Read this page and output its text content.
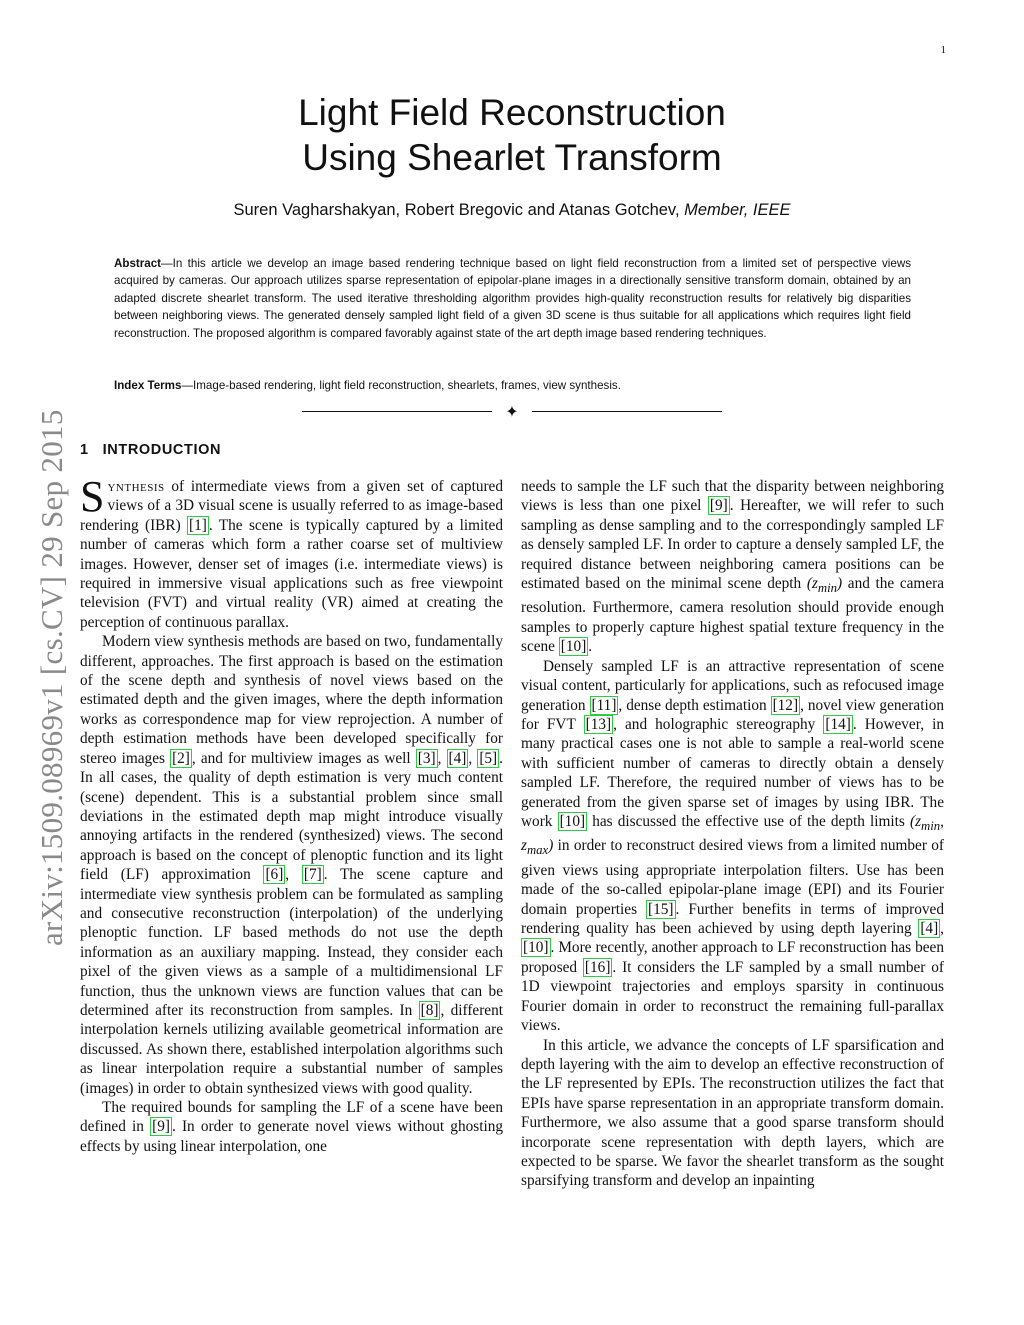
1
arXiv:1509.08969v1 [cs.CV] 29 Sep 2015
Light Field Reconstruction
Using Shearlet Transform
Suren Vagharshakyan, Robert Bregovic and Atanas Gotchev, Member, IEEE
Abstract—In this article we develop an image based rendering technique based on light field reconstruction from a limited set of perspective views acquired by cameras. Our approach utilizes sparse representation of epipolar-plane images in a directionally sensitive transform domain, obtained by an adapted discrete shearlet transform. The used iterative thresholding algorithm provides high-quality reconstruction results for relatively big disparities between neighboring views. The generated densely sampled light field of a given 3D scene is thus suitable for all applications which requires light field reconstruction. The proposed algorithm is compared favorably against state of the art depth image based rendering techniques.
Index Terms—Image-based rendering, light field reconstruction, shearlets, frames, view synthesis.
✦
1 INTRODUCTION

Synthesis of intermediate views from a given set of captured views of a 3D visual scene is usually referred to as image-based rendering (IBR) [1] . The scene is typically captured by a limited number of cameras which form a rather coarse set of multiview images. However, denser set of images (i.e. intermediate views) is required in immersive visual applications such as free viewpoint television (FVT) and virtual reality (VR) aimed at creating the perception of continuous parallax.

Modern view synthesis methods are based on two, fundamentally different, approaches. The first approach is based on the estimation of the scene depth and synthesis of novel views based on the estimated depth and the given images, where the depth information works as correspondence map for view reprojection. A number of depth estimation methods have been developed specifically for stereo images [2] , and for multiview images as well [3] , [4] , [5] . In all cases, the quality of depth estimation is very much content (scene) dependent. This is a substantial problem since small deviations in the estimated depth map might introduce visually annoying artifacts in the rendered (synthesized) views. The second approach is based on the concept of plenoptic function and its light field (LF) approximation [6] , [7] . The scene capture and intermediate view synthesis problem can be formulated as sampling and consecutive reconstruction (interpolation) of the underlying plenoptic function. LF based methods do not use the depth information as an auxiliary mapping. Instead, they consider each pixel of the given views as a sample of a multidimensional LF function, thus the unknown views are function values that can be determined after its reconstruction from samples. In [8] , different interpolation kernels utilizing available geometrical information are discussed. As shown there, established interpolation algorithms such as linear interpolation require a substantial number of samples (images) in order to obtain synthesized views with good quality.

The required bounds for sampling the LF of a scene have been defined in [9] . In order to generate novel views without ghosting effects by using linear interpolation, one

needs to sample the LF such that the disparity between neighboring views is less than one pixel [9] . Hereafter, we will refer to such sampling as dense sampling and to the correspondingly sampled LF as densely sampled LF. In order to capture a densely sampled LF, the required distance between neighboring camera positions can be estimated based on the minimal scene depth $(z_{min})$ and the camera resolution. Furthermore, camera resolution should provide enough samples to properly capture highest spatial texture frequency in the scene [10] .

Densely sampled LF is an attractive representation of scene visual content, particularly for applications, such as refocused image generation [11] , dense depth estimation [12] , novel view generation for FVT [13] , and holographic stereography [14] . However, in many practical cases one is not able to sample a real-world scene with sufficient number of cameras to directly obtain a densely sampled LF. Therefore, the required number of views has to be generated from the given sparse set of images by using IBR. The work [10] has discussed the effective use of the depth limits ($z_{min}$, $z_{max}$) in order to reconstruct desired views from a limited number of given views using appropriate interpolation filters. Use has been made of the so-called epipolar-plane image (EPI) and its Fourier domain properties [15] . Further benefits in terms of improved rendering quality has been achieved by using depth layering [4] , [10] . More recently, another approach to LF reconstruction has been proposed [16] . It considers the LF sampled by a small number of 1D viewpoint trajectories and employs sparsity in continuous Fourier domain in order to reconstruct the remaining full-parallax views.

In this article, we advance the concepts of LF sparsification and depth layering with the aim to develop an effective reconstruction of the LF represented by EPIs. The reconstruction utilizes the fact that EPIs have sparse representation in an appropriate transform domain. Furthermore, we also assume that a good sparse transform should incorporate scene representation with depth layers, which are expected to be sparse. We favor the shearlet transform as the sought sparsifying transform and develop an inpainting
